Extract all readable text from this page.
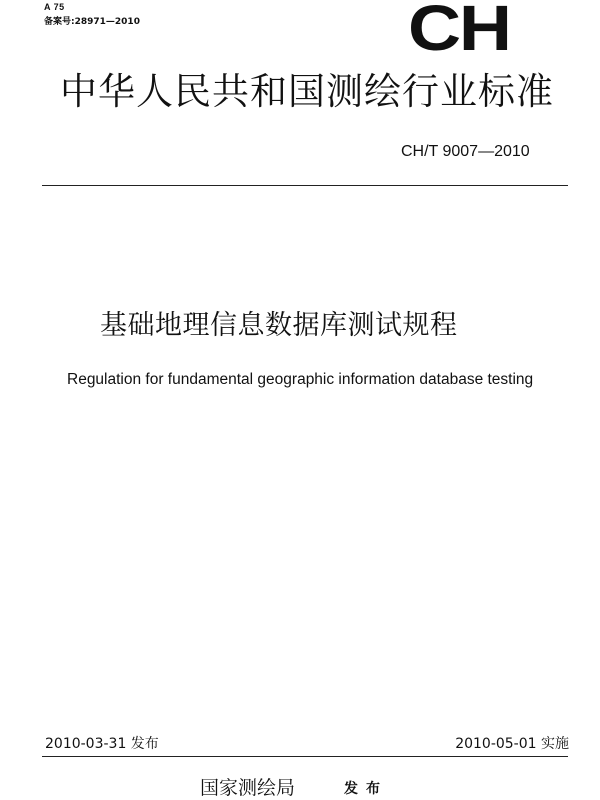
A 75
备案号:28971—2010	CH
中华人民共和国测绘行业标准
CH/T 9007—2010
基础地理信息数据库测试规程
Regulation for fundamental geographic information database testing
2010-03-31 发布	2010-05-01 实施
国家测绘局	发布
